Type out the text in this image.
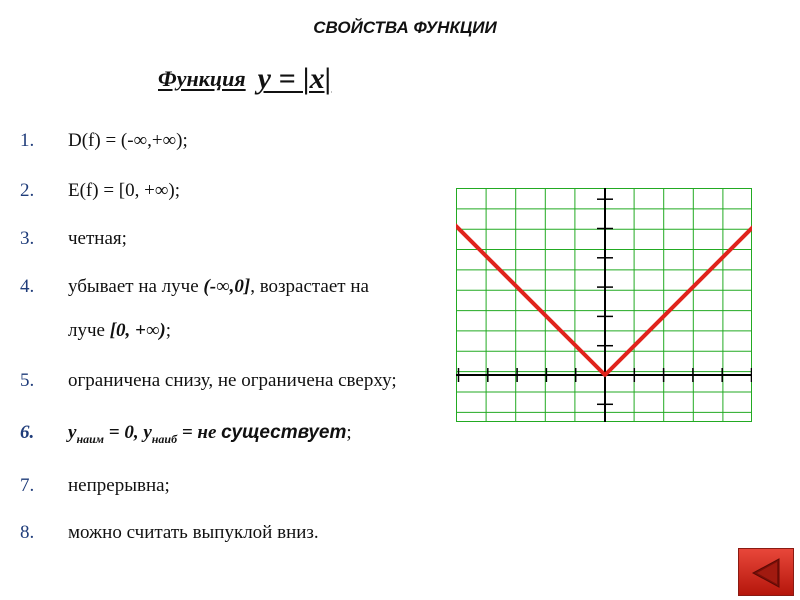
СВОЙСТВА ФУНКЦИИ
Функция y = |x|
1.	D(f) = (-∞,+∞);
2.	E(f) = [0, +∞);
3.	четная;
4.	убывает на луче (-∞,0], возрастает на
луче [0, +∞);
5.	ограничена снизу, не ограничена сверху;
6.	$y_{наим} = 0$, $y_{наиб}$ = не существует;
7.	непрерывна;
8.	можно считать выпуклой вниз.
